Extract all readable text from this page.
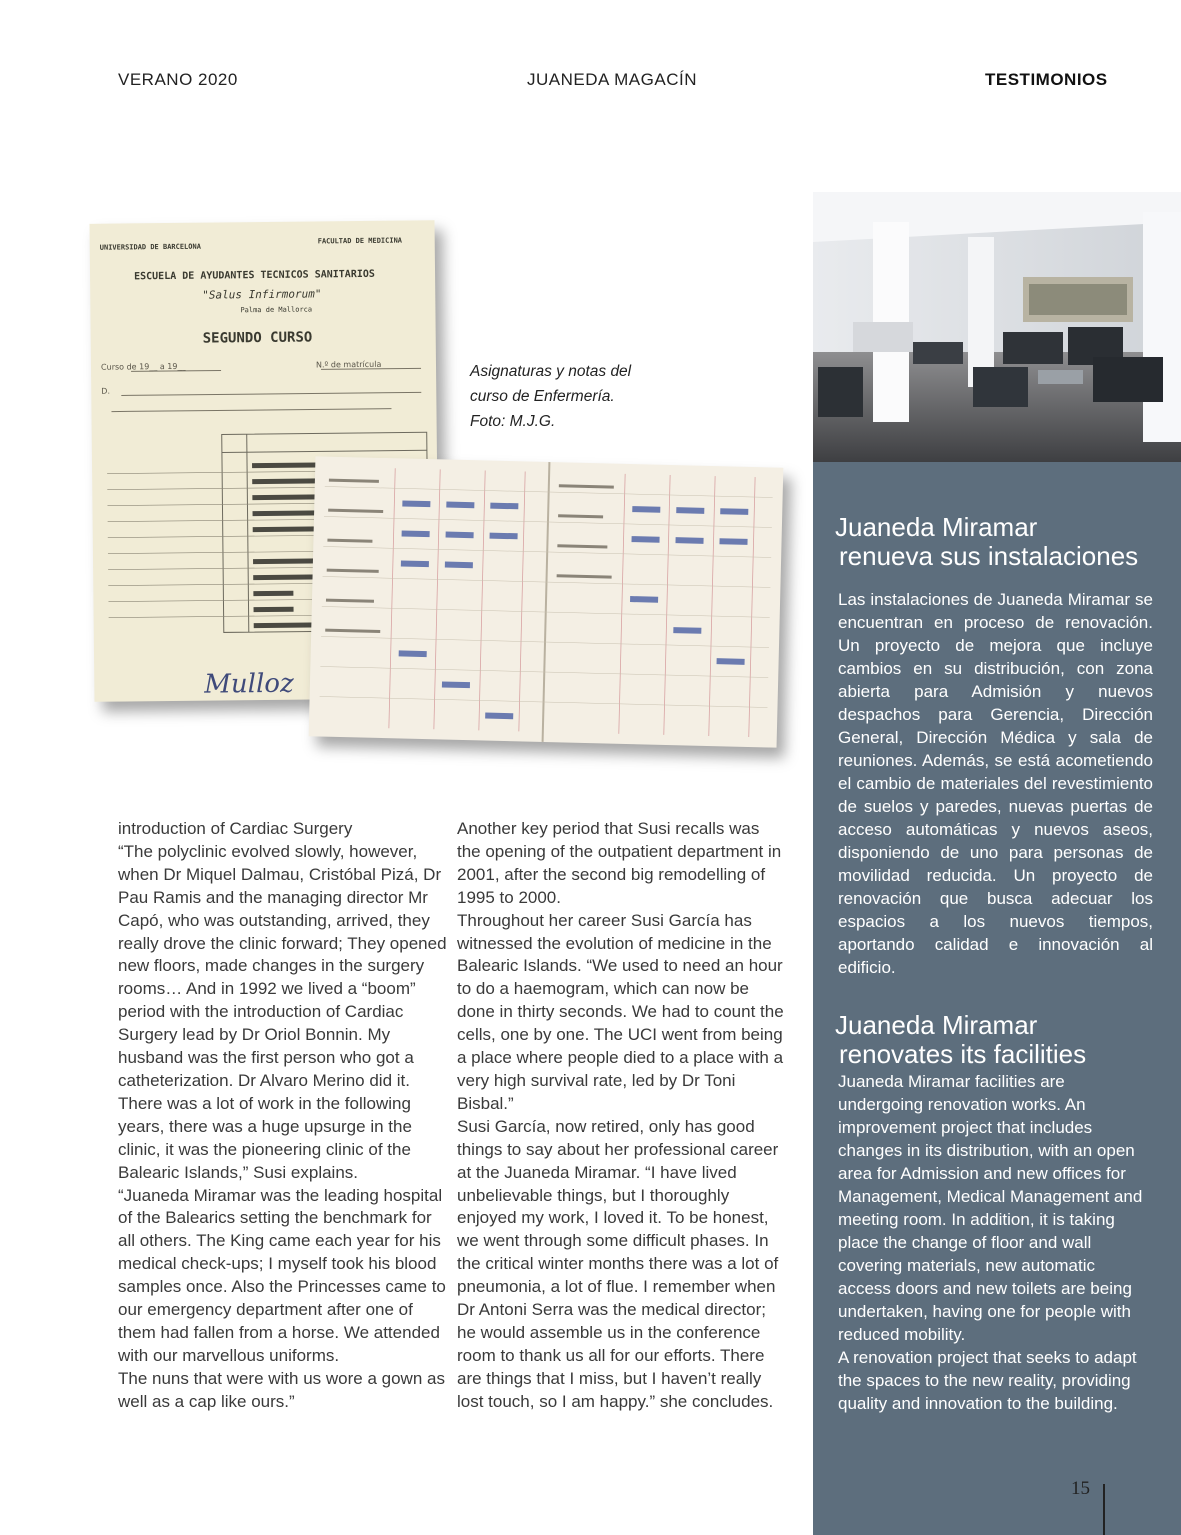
VERANO 2020	JUANEDA MAGACÍN	TESTIMONIOS
UNIVERSIDAD DE BARCELONA
FACULTAD DE MEDICINA
ESCUELA DE AYUDANTES TECNICOS SANITARIOS
"Salus Infirmorum"
Palma de Mallorca
SEGUNDO CURSO
Curso de 19__ a 19__	N.º de matrícula
D.
Mulloz
Asignaturas y notas del
curso de Enfermería.
Foto: M.J.G.

introduction of Cardiac Surgery

“The polyclinic evolved slowly, however, when Dr Miquel Dalmau, Cristóbal Pizá, Dr Pau Ramis and the managing director Mr Capó, who was outstanding, arrived, they really drove the clinic forward; They opened new floors, made changes in the surgery rooms… And in 1992 we lived a “boom” period with the introduction of Cardiac Surgery lead by Dr Oriol Bonnin. My husband was the first person who got a catheterization. Dr Alvaro Merino did it.

There was a lot of work in the following years, there was a huge upsurge in the clinic, it was the pioneering clinic of the Balearic Islands,” Susi explains.

“Juaneda Miramar was the leading hospital of the Balearics setting the benchmark for all others. The King came each year for his medical check-ups; I myself took his blood samples once. Also the Princesses came to our emergency department after one of them had fallen from a horse. We attended with our marvellous uniforms.

The nuns that were with us wore a gown as well as a cap like ours.”

Another key period that Susi recalls was the opening of the outpatient department in 2001, after the second big remodelling of 1995 to 2000.

Throughout her career Susi García has witnessed the evolution of medicine in the Balearic Islands. “We used to need an hour to do a haemogram, which can now be done in thirty seconds. We had to count the cells, one by one. The UCI went from being a place where people died to a place with a very high survival rate, led by Dr Toni Bisbal.”

Susi García, now retired, only has good things to say about her professional career at the Juaneda Miramar. “I have lived unbelievable things, but I thoroughly enjoyed my work, I loved it. To be honest, we went through some difficult phases. In the critical winter months there was a lot of pneumonia, a lot of flue. I remember when Dr Antoni Serra was the medical director; he would assemble us in the conference room to thank us all for our efforts. There are things that I miss, but I haven’t really lost touch, so I am happy.” she concludes.

Juaneda Miramar
renueva sus instalaciones
Las instalaciones de Juaneda Miramar se encuentran en proceso de renovación. Un proyecto de mejora que incluye cambios en su distribución, con zona abierta para Admisión y nuevos despachos para Gerencia, Dirección General, Dirección Médica y sala de reuniones. Además, se está acometiendo el cambio de materiales del revestimiento de suelos y paredes, nuevas puertas de acceso automáticas y nuevos aseos, disponiendo de uno para personas de movilidad reducida. Un proyecto de renovación que busca adecuar los espacios a los nuevos tiempos, aportando calidad e innovación al edificio.
Juaneda Miramar
renovates its facilities
Juaneda Miramar facilities are undergoing renovation works. An improvement project that includes changes in its distribution, with an open area for Admission and new offices for Management, Medical Management and meeting room. In addition, it is taking place the change of floor and wall covering materials, new automatic access doors and new toilets are being undertaken, having one for people with reduced mobility.
A renovation project that seeks to adapt the spaces to the new reality, providing quality and innovation to the building.
15
